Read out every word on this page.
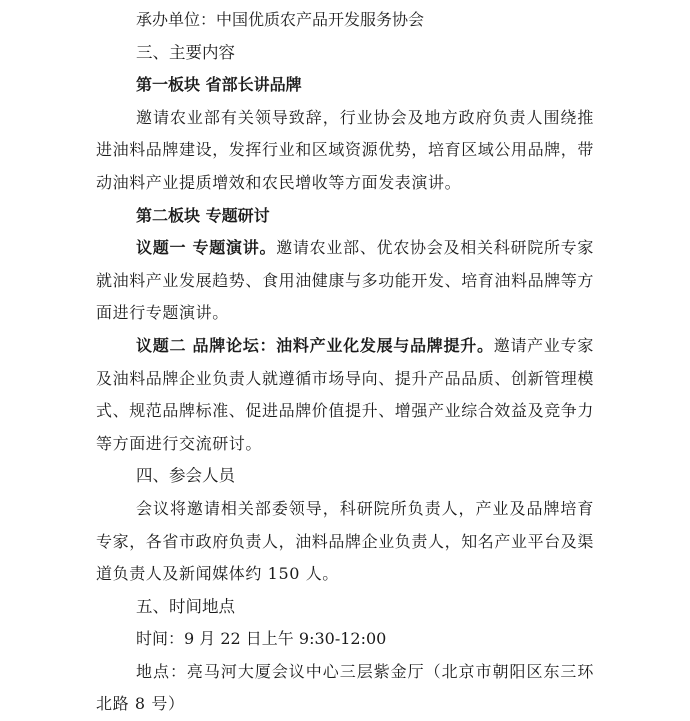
承办单位：中国优质农产品开发服务协会

三、主要内容

第一板块 省部长讲品牌

邀请农业部有关领导致辞，行业协会及地方政府负责人围绕推进油料品牌建设，发挥行业和区域资源优势，培育区域公用品牌，带动油料产业提质增效和农民增收等方面发表演讲。

第二板块 专题研讨

议题一 专题演讲。邀请农业部、优农协会及相关科研院所专家就油料产业发展趋势、食用油健康与多功能开发、培育油料品牌等方面进行专题演讲。

议题二 品牌论坛：油料产业化发展与品牌提升。邀请产业专家及油料品牌企业负责人就遵循市场导向、提升产品品质、创新管理模式、规范品牌标准、促进品牌价值提升、增强产业综合效益及竞争力等方面进行交流研讨。

四、参会人员

会议将邀请相关部委领导，科研院所负责人，产业及品牌培育专家，各省市政府负责人，油料品牌企业负责人，知名产业平台及渠道负责人及新闻媒体约 150 人。

五、时间地点

时间：9 月 22 日上午 9:30-12:00

地点：亮马河大厦会议中心三层紫金厅（北京市朝阳区东三环北路 8 号）
